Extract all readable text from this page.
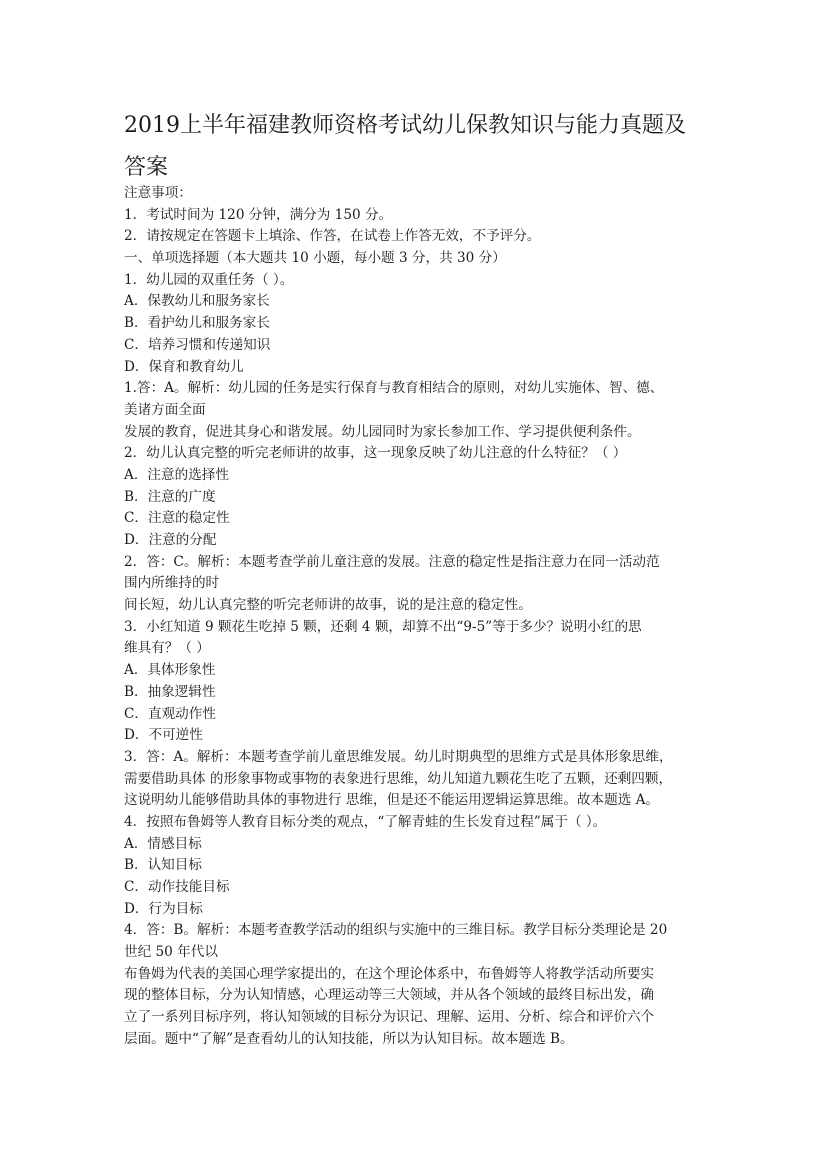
2019上半年福建教师资格考试幼儿保教知识与能力真题及
答案

注意事项：

1．考试时间为 120 分钟，满分为 150 分。

2．请按规定在答题卡上填涂、作答，在试卷上作答无效，不予评分。

一、单项选择题（本大题共 10 小题，每小题 3 分，共 30 分）

1．幼儿园的双重任务（ ）。

A．保教幼儿和服务家长

B．看护幼儿和服务家长

C．培养习惯和传递知识

D．保育和教育幼儿

1.答：A。解析：幼儿园的任务是实行保育与教育相结合的原则，对幼儿实施体、智、德、

美诸方面全面

发展的教育，促进其身心和谐发展。幼儿园同时为家长参加工作、学习提供便利条件。

2．幼儿认真完整的听完老师讲的故事，这一现象反映了幼儿注意的什么特征？（ ）

A．注意的选择性

B．注意的广度

C．注意的稳定性

D．注意的分配

2．答：C。解析：本题考查学前儿童注意的发展。注意的稳定性是指注意力在同一活动范

围内所维持的时

间长短，幼儿认真完整的听完老师讲的故事，说的是注意的稳定性。

3．小红知道 9 颗花生吃掉 5 颗，还剩 4 颗，却算不出“9-5”等于多少？说明小红的思

维具有？（ ）

A．具体形象性

B．抽象逻辑性

C．直观动作性

D．不可逆性

3．答：A。解析：本题考查学前儿童思维发展。幼儿时期典型的思维方式是具体形象思维，

需要借助具体 的形象事物或事物的表象进行思维，幼儿知道九颗花生吃了五颗，还剩四颗，

这说明幼儿能够借助具体的事物进行 思维，但是还不能运用逻辑运算思维。故本题选 A。

4．按照布鲁姆等人教育目标分类的观点，“了解青蛙的生长发育过程”属于（ ）。

A．情感目标

B．认知目标

C．动作技能目标

D．行为目标

4．答：B。解析：本题考查教学活动的组织与实施中的三维目标。教学目标分类理论是 20

世纪 50 年代以

布鲁姆为代表的美国心理学家提出的，在这个理论体系中，布鲁姆等人将教学活动所要实

现的整体目标，分为认知情感，心理运动等三大领域，并从各个领域的最终目标出发，确

立了一系列目标序列，将认知领域的目标分为识记、理解、运用、分析、综合和评价六个

层面。题中“了解”是查看幼儿的认知技能，所以为认知目标。故本题选 B。
